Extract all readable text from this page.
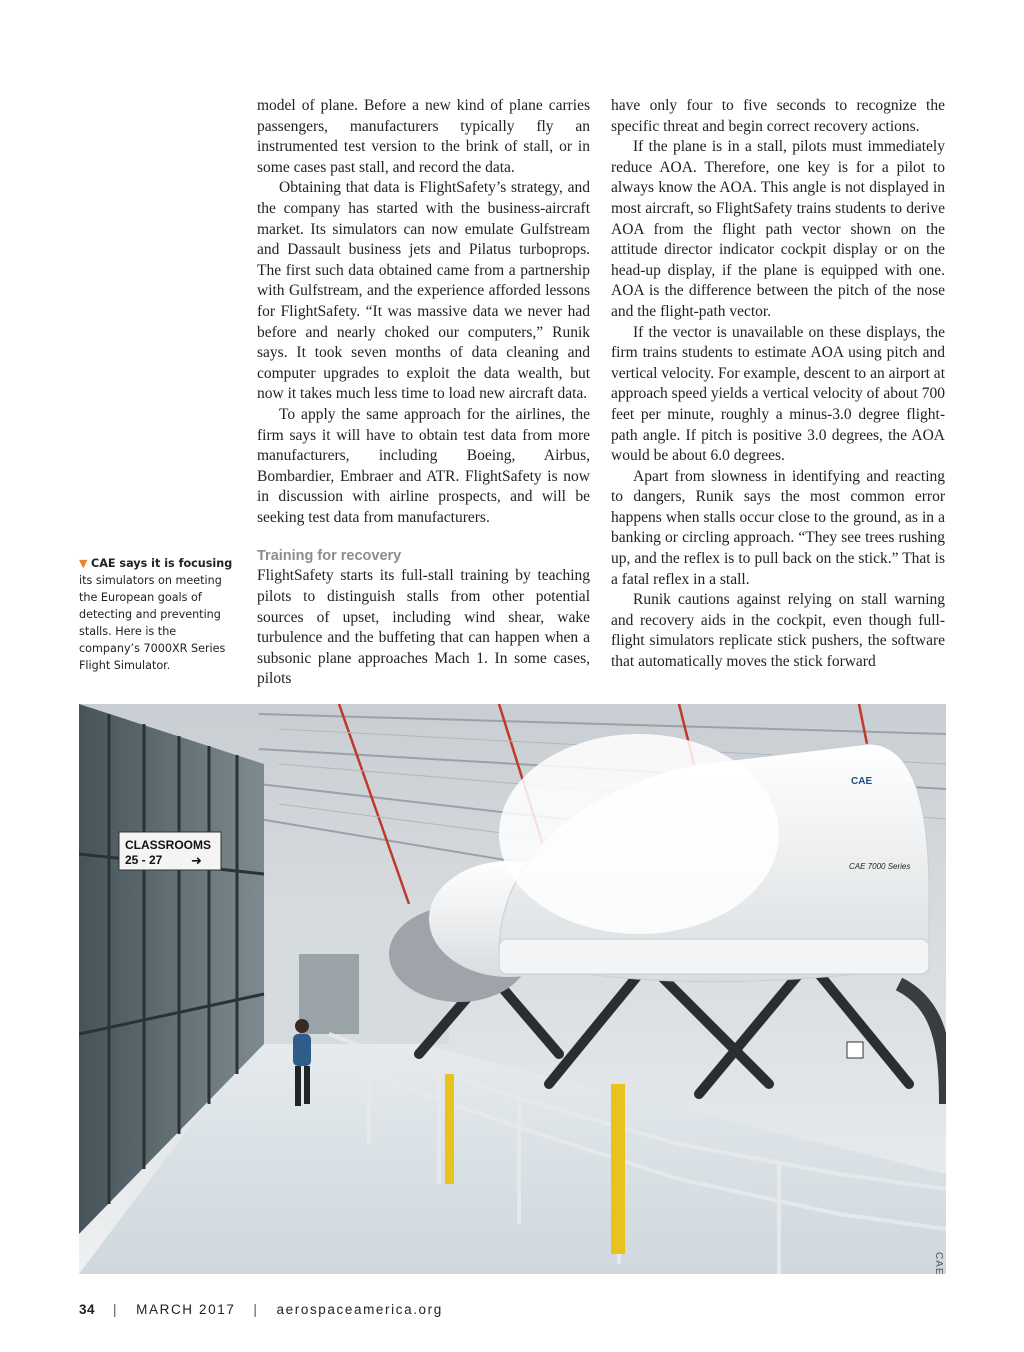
model of plane. Before a new kind of plane carries passengers, manufacturers typically fly an instrumented test version to the brink of stall, or in some cases past stall, and record the data.

Obtaining that data is FlightSafety’s strategy, and the company has started with the business-aircraft market. Its simulators can now emulate Gulfstream and Dassault business jets and Pilatus turboprops. The first such data obtained came from a partnership with Gulfstream, and the experience afforded lessons for FlightSafety. “It was massive data we never had before and nearly choked our computers,” Runik says. It took seven months of data cleaning and computer upgrades to exploit the data wealth, but now it takes much less time to load new aircraft data.

To apply the same approach for the airlines, the firm says it will have to obtain test data from more manufacturers, including Boeing, Airbus, Bombardier, Embraer and ATR. FlightSafety is now in discussion with airline prospects, and will be seeking test data from manufacturers.

Training for recovery

FlightSafety starts its full-stall training by teaching pilots to distinguish stalls from other potential sources of upset, including wind shear, wake turbulence and the buffeting that can happen when a subsonic plane approaches Mach 1. In some cases, pilots

have only four to five seconds to recognize the specific threat and begin correct recovery actions.

If the plane is in a stall, pilots must immediately reduce AOA. Therefore, one key is for a pilot to always know the AOA. This angle is not displayed in most aircraft, so FlightSafety trains students to derive AOA from the flight path vector shown on the attitude director indicator cockpit display or on the head-up display, if the plane is equipped with one. AOA is the difference between the pitch of the nose and the flight-path vector.

If the vector is unavailable on these displays, the firm trains students to estimate AOA using pitch and vertical velocity. For example, descent to an airport at approach speed yields a vertical velocity of about 700 feet per minute, roughly a minus-3.0 degree flight-path angle. If pitch is positive 3.0 degrees, the AOA would be about 6.0 degrees.

Apart from slowness in identifying and reacting to dangers, Runik says the most common error happens when stalls occur close to the ground, as in a banking or circling approach. “They see trees rushing up, and the reflex is to pull back on the stick.” That is a fatal reflex in a stall.

Runik cautions against relying on stall warning and recovery aids in the cockpit, even though full-flight simulators replicate stick pushers, the software that automatically moves the stick forward

▼ CAE says it is focusing its simulators on meeting the European goals of detecting and preventing stalls. Here is the company’s 7000XR Series Flight Simulator.
CLASSROOMS
25 - 27 ➜
CAE
CAE 7000 Series
CAE
34 | MARCH 2017 | aerospaceamerica.org
